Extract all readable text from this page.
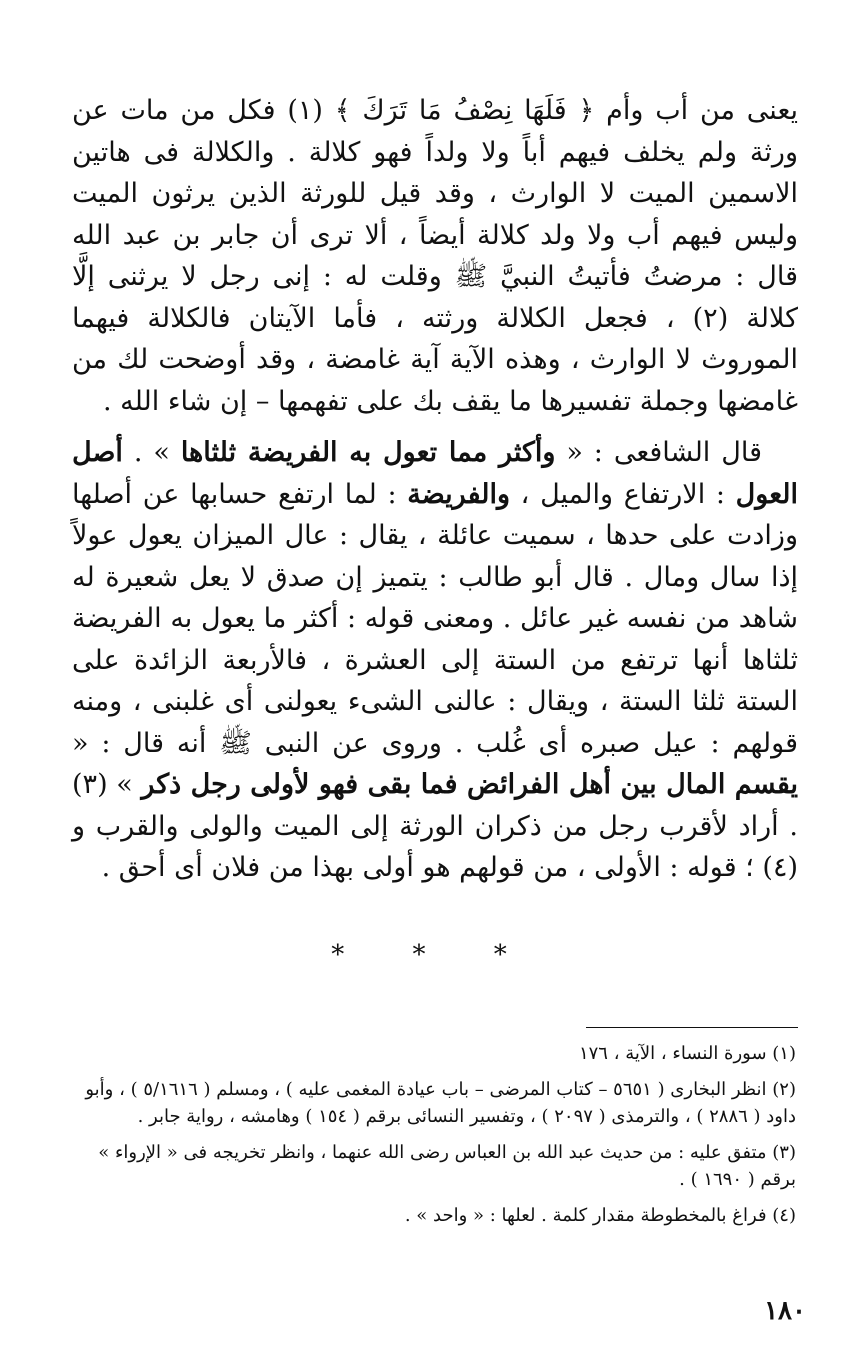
يعنى من أب وأم ﴿ فَلَهَا نِصْفُ مَا تَرَكَ ﴾ (١) فكل من مات عن ورثة ولم يخلف فيهم أباً ولا ولداً فهو كلالة . والكلالة فى هاتين الاسمين الميت لا الوارث ، وقد قيل للورثة الذين يرثون الميت وليس فيهم أب ولا ولد كلالة أيضاً ، ألا ترى أن جابر بن عبد الله قال : مرضتُ فأتيتُ النبيَّ ﷺ وقلت له : إنى رجل لا يرثنى إلَّا كلالة (٢) ، فجعل الكلالة ورثته ، فأما الآيتان فالكلالة فيهما الموروث لا الوارث ، وهذه الآية آية غامضة ، وقد أوضحت لك من غامضها وجملة تفسيرها ما يقف بك على تفهمها – إن شاء الله .

قال الشافعى : « وأكثر مما تعول به الفريضة ثلثاها » . أصل العول : الارتفاع والميل ، والفريضة : لما ارتفع حسابها عن أصلها وزادت على حدها ، سميت عائلة ، يقال : عال الميزان يعول عولاً إذا سال ومال . قال أبو طالب : يتميز إن صدق لا يعل شعيرة له شاهد من نفسه غير عائل . ومعنى قوله : أكثر ما يعول به الفريضة ثلثاها أنها ترتفع من الستة إلى العشرة ، فالأربعة الزائدة على الستة ثلثا الستة ، ويقال : عالنى الشىء يعولنى أى غلبنى ، ومنه قولهم : عيل صبره أى غُلب . وروى عن النبى ﷺ أنه قال : « يقسم المال بين أهل الفرائض فما بقى فهو لأولى رجل ذكر » (٣) . أراد لأقرب رجل من ذكران الورثة إلى الميت والولى والقرب و (٤) ؛ قوله : الأولى ، من قولهم هو أولى بهذا من فلان أى أحق .

* * *

(١) سورة النساء ، الآية ، ١٧٦

(٢) انظر البخارى ( ٥٦٥١ – كتاب المرضى – باب عيادة المغمى عليه ) ، ومسلم ( ٥/١٦١٦ ) ، وأبو داود ( ٢٨٨٦ ) ، والترمذى ( ٢٠٩٧ ) ، وتفسير النسائى برقم ( ١٥٤ ) وهامشه ، رواية جابر .

(٣) متفق عليه : من حديث عبد الله بن العباس رضى الله عنهما ، وانظر تخريجه فى « الإرواء » برقم ( ١٦٩٠ ) .

(٤) فراغ بالمخطوطة مقدار كلمة . لعلها : « واحد » .

١٨٠
